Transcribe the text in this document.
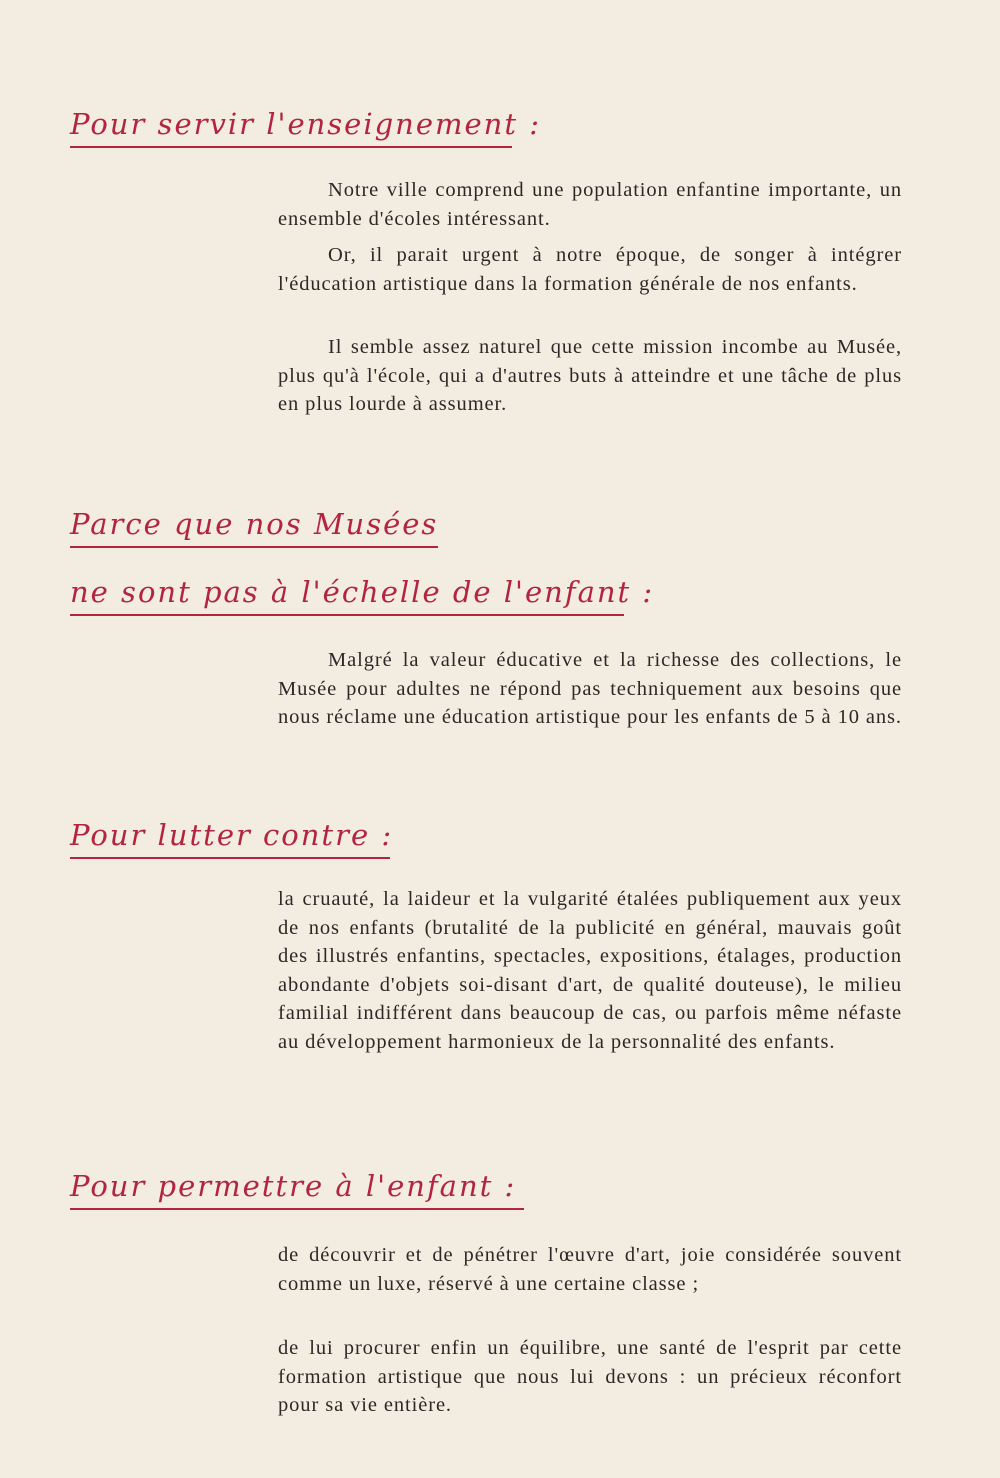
Pour servir l'enseignement :

Notre ville comprend une population enfantine importante, un ensemble d'écoles intéressant.

Or, il parait urgent à notre époque, de songer à intégrer l'éducation artistique dans la formation générale de nos enfants.

Il semble assez naturel que cette mission incombe au Musée, plus qu'à l'école, qui a d'autres buts à atteindre et une tâche de plus en plus lourde à assumer.

Parce que nos Musées
ne sont pas à l'échelle de l'enfant :

Malgré la valeur éducative et la richesse des collections, le Musée pour adultes ne répond pas techniquement aux besoins que nous réclame une éducation artistique pour les enfants de 5 à 10 ans.

Pour lutter contre :

la cruauté, la laideur et la vulgarité étalées publiquement aux yeux de nos enfants (brutalité de la publicité en général, mauvais goût des illustrés enfantins, spectacles, expositions, étalages, production abondante d'objets soi-disant d'art, de qualité douteuse), le milieu familial indifférent dans beaucoup de cas, ou parfois même néfaste au développement harmonieux de la personnalité des enfants.

Pour permettre à l'enfant :

de découvrir et de pénétrer l'œuvre d'art, joie considérée souvent comme un luxe, réservé à une certaine classe ;

de lui procurer enfin un équilibre, une santé de l'esprit par cette formation artistique que nous lui devons : un précieux réconfort pour sa vie entière.
